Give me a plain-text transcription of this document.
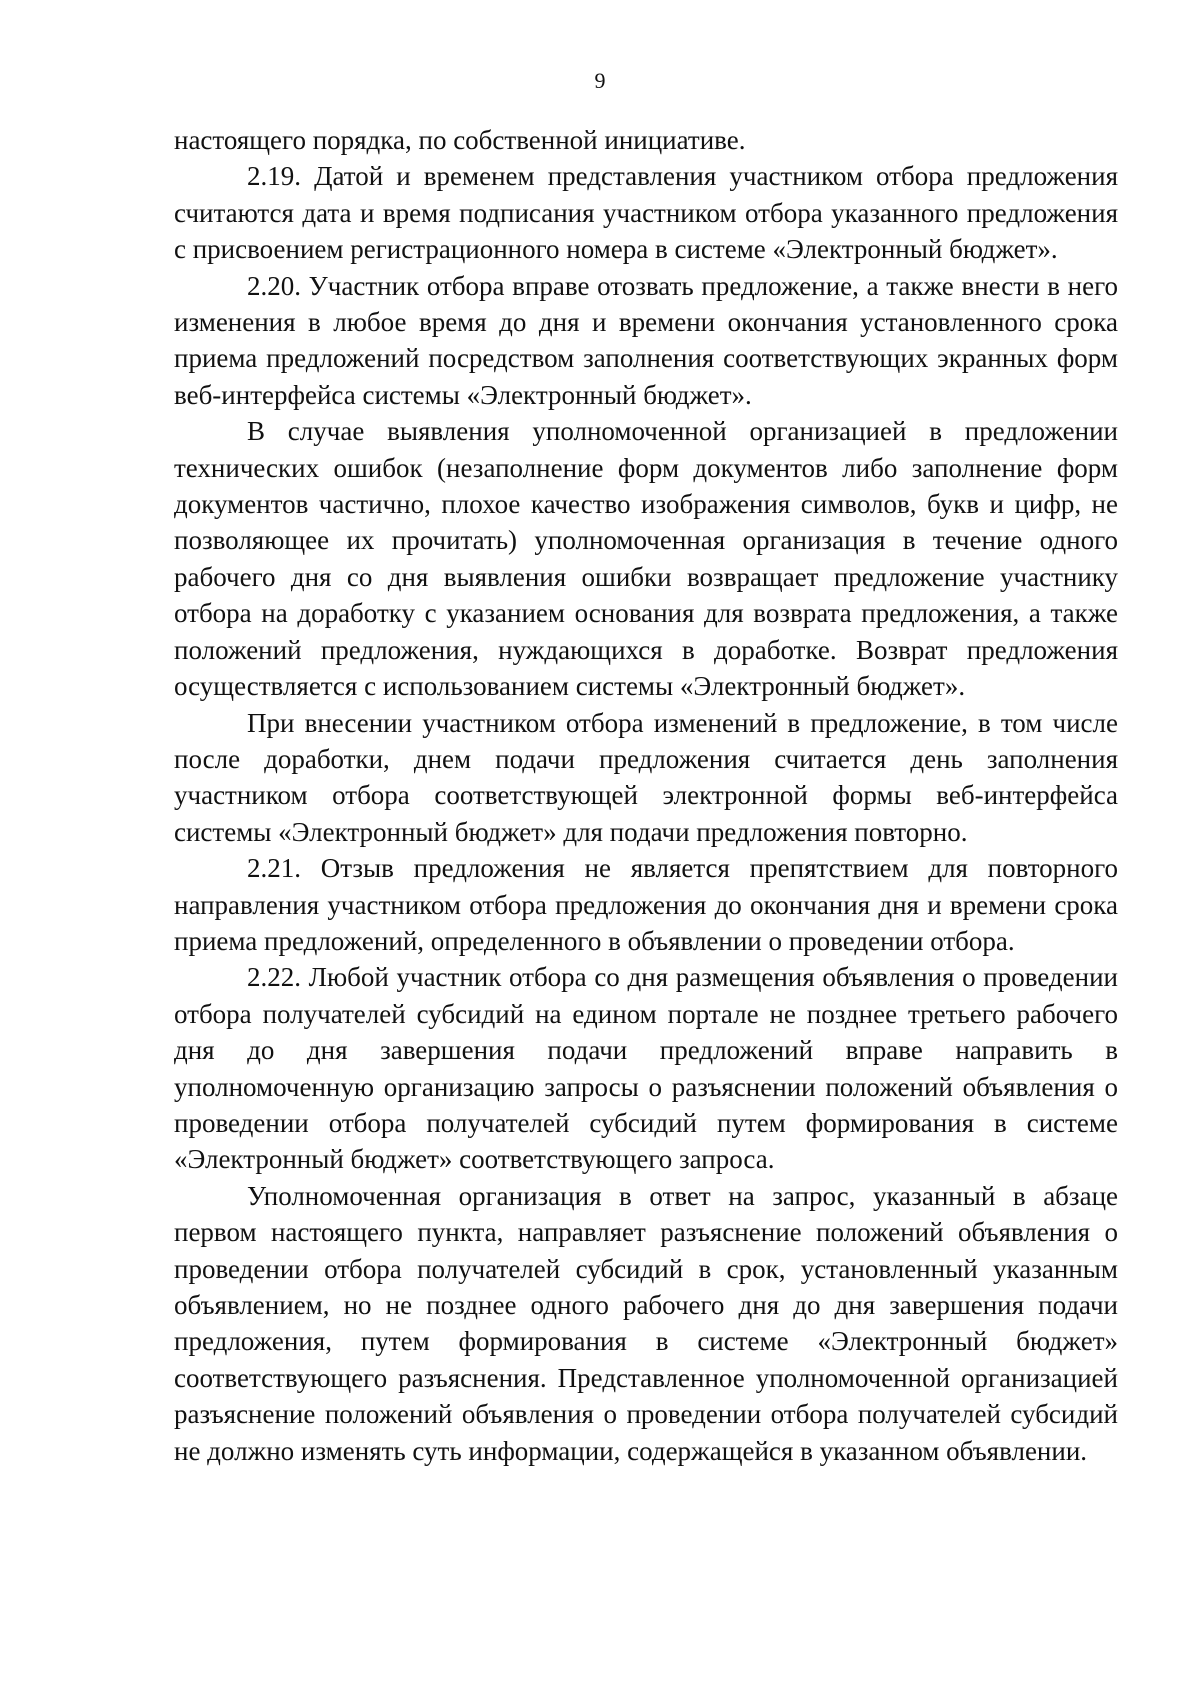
9

настоящего порядка, по собственной инициативе.

2.19. Датой и временем представления участником отбора предложения считаются дата и время подписания участником отбора указанного предложения с присвоением регистрационного номера в системе «Электронный бюджет».

2.20. Участник отбора вправе отозвать предложение, а также внести в него изменения в любое время до дня и времени окончания установленного срока приема предложений посредством заполнения соответствующих экранных форм веб-интерфейса системы «Электронный бюджет».

В случае выявления уполномоченной организацией в предложении технических ошибок (незаполнение форм документов либо заполнение форм документов частично, плохое качество изображения символов, букв и цифр, не позволяющее их прочитать) уполномоченная организация в течение одного рабочего дня со дня выявления ошибки возвращает предложение участнику отбора на доработку с указанием основания для возврата предложения, а также положений предложения, нуждающихся в доработке. Возврат предложения осуществляется с использованием системы «Электронный бюджет».

При внесении участником отбора изменений в предложение, в том числе после доработки, днем подачи предложения считается день заполнения участником отбора соответствующей электронной формы веб-интерфейса системы «Электронный бюджет» для подачи предложения повторно.

2.21. Отзыв предложения не является препятствием для повторного направления участником отбора предложения до окончания дня и времени срока приема предложений, определенного в объявлении о проведении отбора.

2.22. Любой участник отбора со дня размещения объявления о проведении отбора получателей субсидий на едином портале не позднее третьего рабочего дня до дня завершения подачи предложений вправе направить в уполномоченную организацию запросы о разъяснении положений объявления о проведении отбора получателей субсидий путем формирования в системе «Электронный бюджет» соответствующего запроса.

Уполномоченная организация в ответ на запрос, указанный в абзаце первом настоящего пункта, направляет разъяснение положений объявления о проведении отбора получателей субсидий в срок, установленный указанным объявлением, но не позднее одного рабочего дня до дня завершения подачи предложения, путем формирования в системе «Электронный бюджет» соответствующего разъяснения. Представленное уполномоченной организацией разъяснение положений объявления о проведении отбора получателей субсидий не должно изменять суть информации, содержащейся в указанном объявлении.
